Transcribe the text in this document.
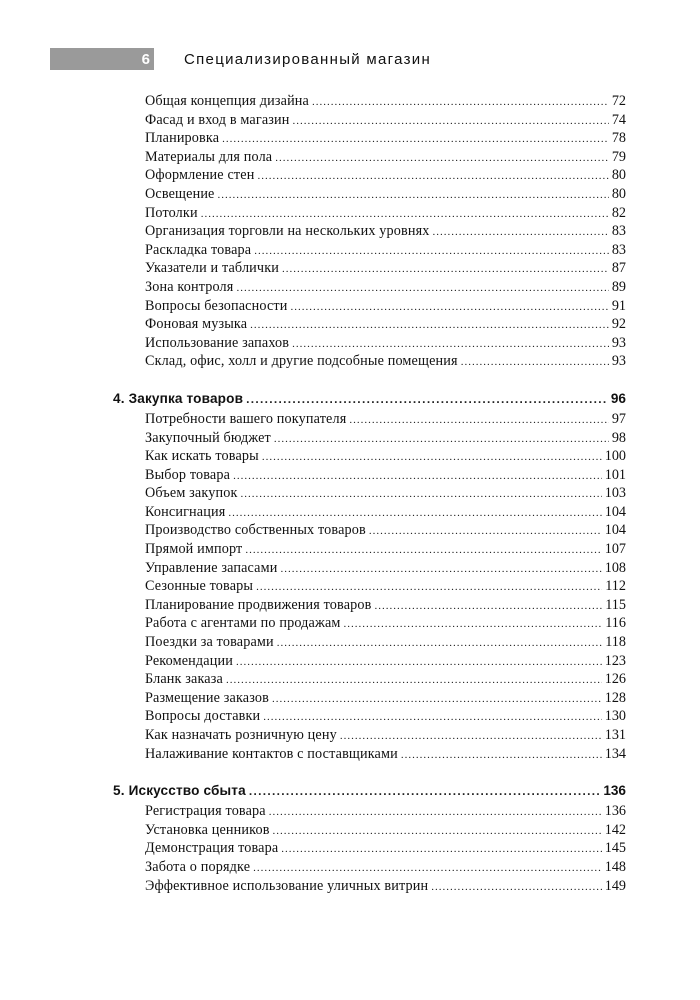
6 Специализированный магазин
Общая концепция дизайна .....	72
Фасад и вход в магазин .....	74
Планировка .....	78
Материалы для пола .....	79
Оформление стен .....	80
Освещение .....	80
Потолки .....	82
Организация торговли на нескольких уровнях .....	83
Раскладка товара .....	83
Указатели и таблички .....	87
Зона контроля .....	89
Вопросы безопасности .....	91
Фоновая музыка .....	92
Использование запахов .....	93
Склад, офис, холл и другие подсобные помещения .....	93
4. Закупка товаров .....	96
Потребности вашего покупателя .....	97
Закупочный бюджет .....	98
Как искать товары .....	100
Выбор товара .....	101
Объем закупок .....	103
Консигнация .....	104
Производство собственных товаров .....	104
Прямой импорт .....	107
Управление запасами .....	108
Сезонные товары .....	112
Планирование продвижения товаров .....	115
Работа с агентами по продажам .....	116
Поездки за товарами .....	118
Рекомендации .....	123
Бланк заказа .....	126
Размещение заказов .....	128
Вопросы доставки .....	130
Как назначать розничную цену .....	131
Налаживание контактов с поставщиками .....	134
5. Искусство сбыта .....	136
Регистрация товара .....	136
Установка ценников .....	142
Демонстрация товара .....	145
Забота о порядке .....	148
Эффективное использование уличных витрин .....	149
